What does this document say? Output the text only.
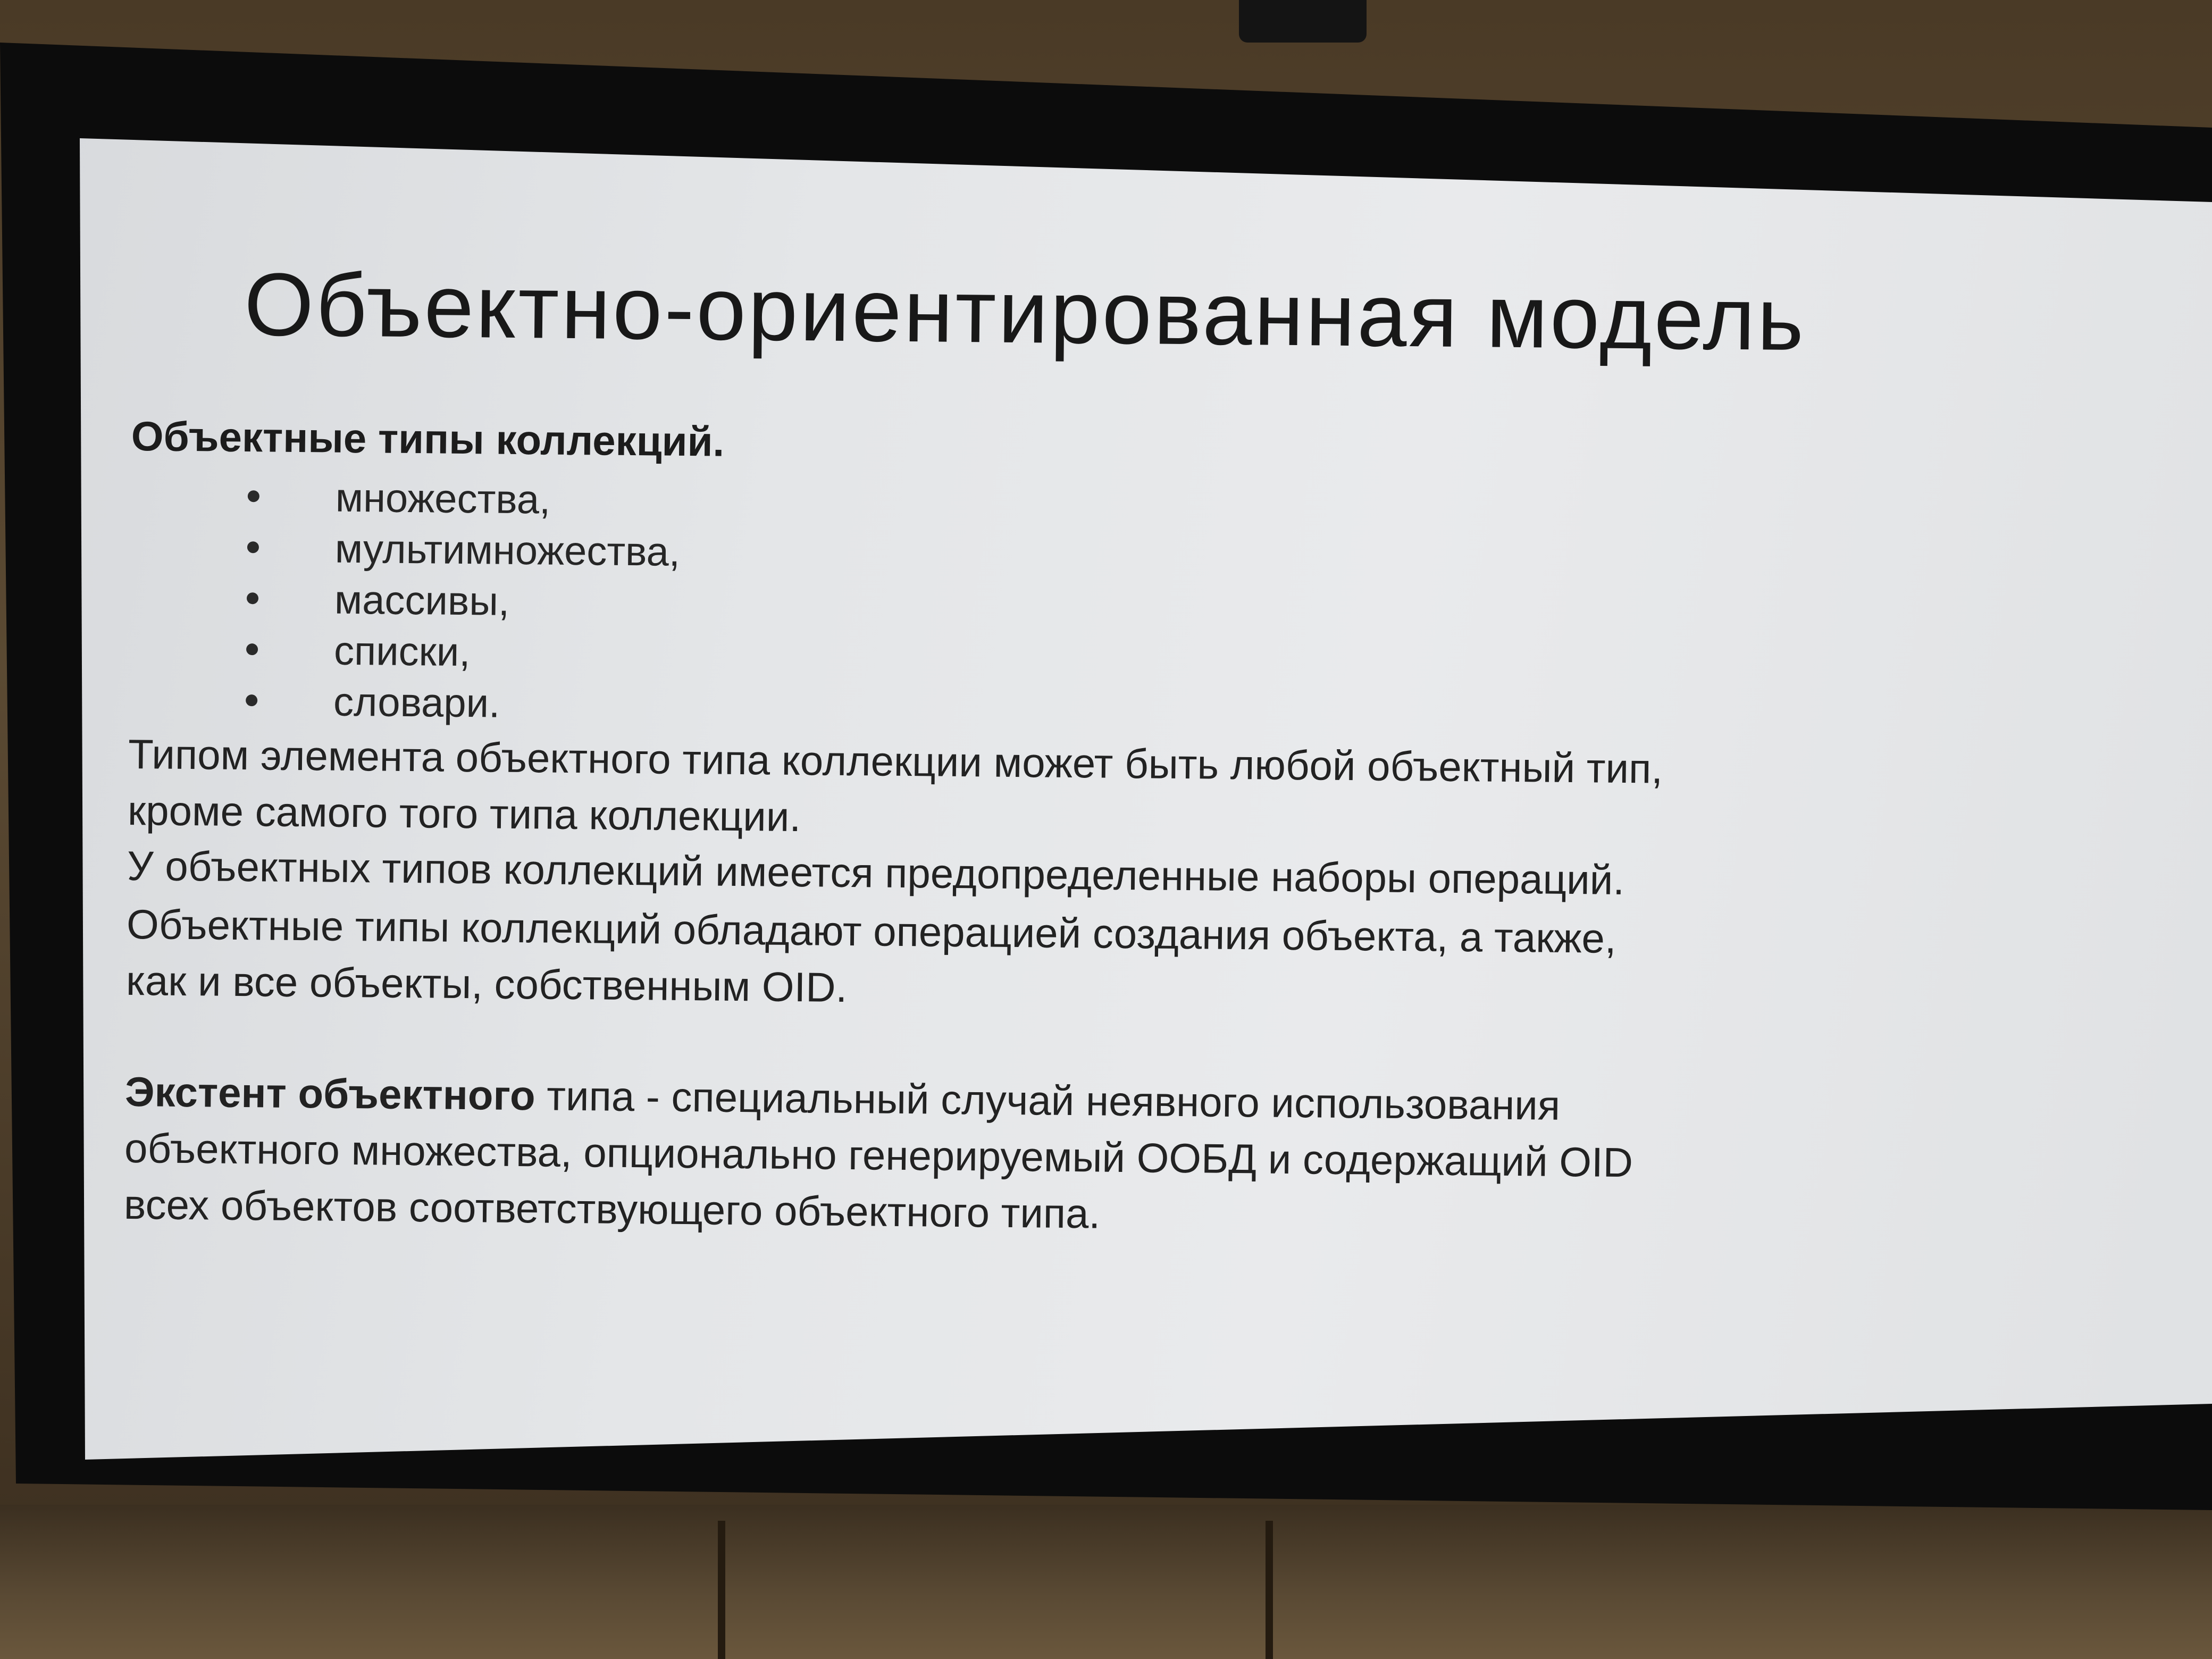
Объектно-ориентированная модель
Объектные типы коллекций.
множества,
мультимножества,
массивы,
списки,
словари.
Типом элемента объектного типа коллекции может быть любой объектный тип,
кроме самого того типа коллекции.
У объектных типов коллекций имеется предопределенные наборы операций.
Объектные типы коллекций обладают операцией создания объекта, а также,
как и все объекты, собственным OID.
Экстент объектного типа - специальный случай неявного использования
объектного множества, опционально генерируемый ООБД и содержащий OID
всех объектов соответствующего объектного типа.
